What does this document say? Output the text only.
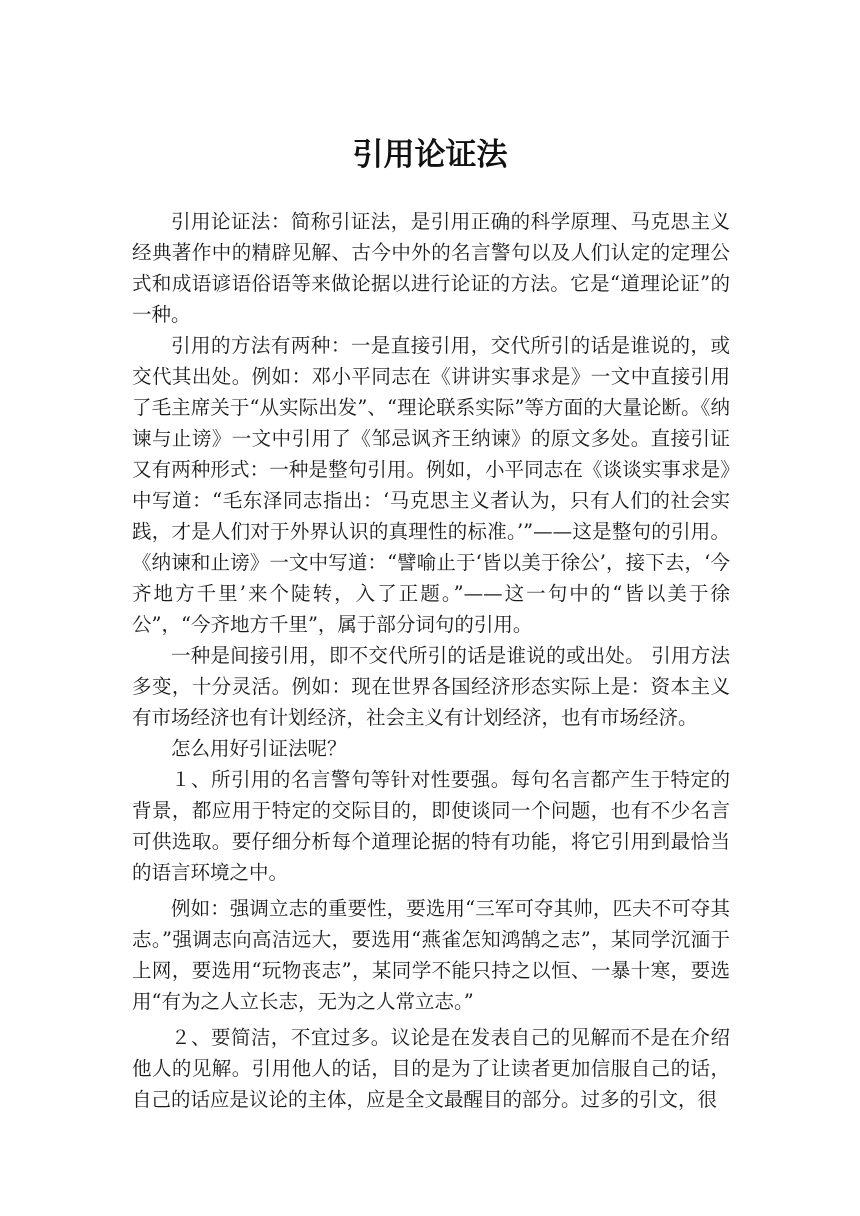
引用论证法

引用论证法：简称引证法，是引用正确的科学原理、马克思主义经典著作中的精辟见解、古今中外的名言警句以及人们认定的定理公式和成语谚语俗语等来做论据以进行论证的方法。它是“道理论证”的一种。

引用的方法有两种：一是直接引用，交代所引的话是谁说的，或交代其出处。例如：邓小平同志在《讲讲实事求是》一文中直接引用了毛主席关于“从实际出发”、“理论联系实际”等方面的大量论断。《纳谏与止谤》一文中引用了《邹忌讽齐王纳谏》的原文多处。直接引证又有两种形式：一种是整句引用。例如，小平同志在《谈谈实事求是》中写道：“毛东泽同志指出：‘马克思主义者认为，只有人们的社会实践，才是人们对于外界认识的真理性的标准。’”——这是整句的引用。《纳谏和止谤》一文中写道：“譬喻止于‘皆以美于徐公’，接下去，‘今齐地方千里’来个陡转，入了正题。”——这一句中的“皆以美于徐公”，“今齐地方千里”，属于部分词句的引用。

一种是间接引用，即不交代所引的话是谁说的或出处。 引用方法多变，十分灵活。例如：现在世界各国经济形态实际上是：资本主义有市场经济也有计划经济，社会主义有计划经济，也有市场经济。

怎么用好引证法呢？

１、所引用的名言警句等针对性要强。每句名言都产生于特定的背景，都应用于特定的交际目的，即使谈同一个问题，也有不少名言可供选取。要仔细分析每个道理论据的特有功能，将它引用到最恰当的语言环境之中。

例如：强调立志的重要性，要选用“三军可夺其帅，匹夫不可夺其志。”强调志向高洁远大，要选用“燕雀怎知鸿鹄之志”，某同学沉湎于上网，要选用“玩物丧志”，某同学不能只持之以恒、一暴十寒，要选用“有为之人立长志，无为之人常立志。”

２、要简洁，不宜过多。议论是在发表自己的见解而不是在介绍他人的见解。引用他人的话，目的是为了让读者更加信服自己的话，自己的话应是议论的主体，应是全文最醒目的部分。过多的引文，很
